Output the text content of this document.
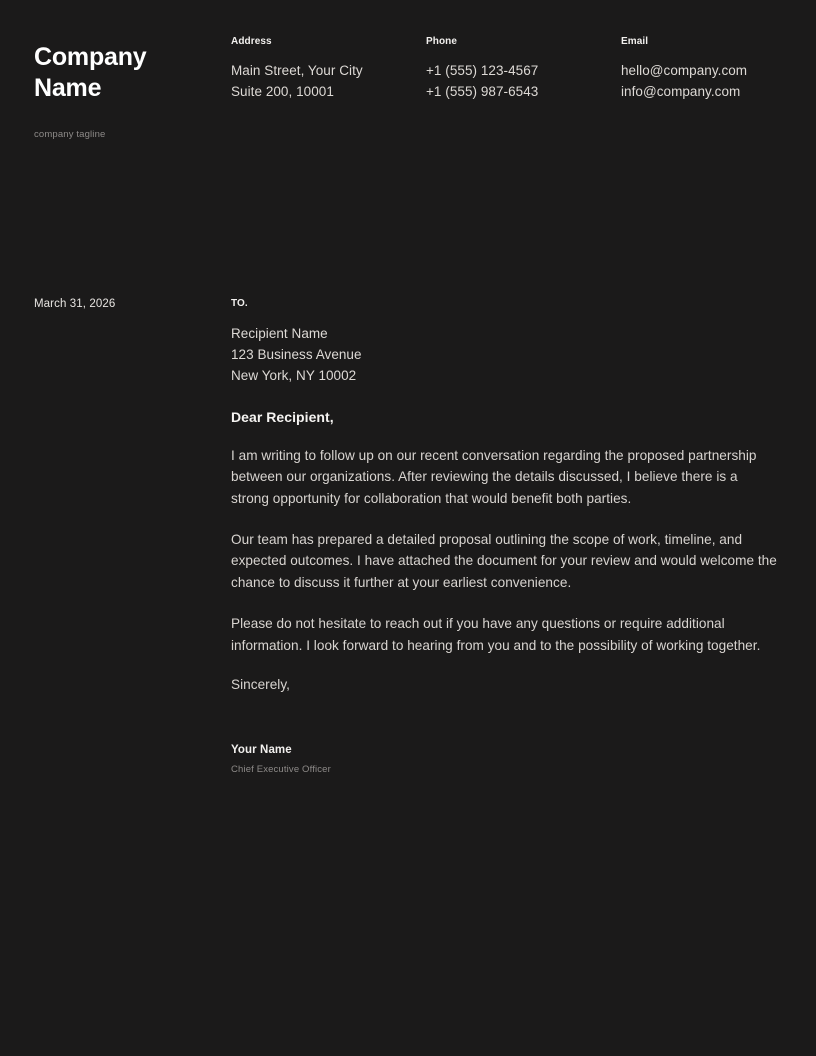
Company Name
company tagline
Address
Main Street, Your City
Suite 200, 10001
Phone
+1 (555) 123-4567
+1 (555) 987-6543
Email
hello@company.com
info@company.com
March 31, 2026	TO.
Recipient Name
123 Business Avenue
New York, NY 10002
Dear Recipient,
I am writing to follow up on our recent conversation regarding the proposed partnership between our organizations. After reviewing the details discussed, I believe there is a strong opportunity for collaboration that would benefit both parties.
Our team has prepared a detailed proposal outlining the scope of work, timeline, and expected outcomes. I have attached the document for your review and would welcome the chance to discuss it further at your earliest convenience.
Please do not hesitate to reach out if you have any questions or require additional information. I look forward to hearing from you and to the possibility of working together.
Sincerely,
Your Name
Chief Executive Officer
